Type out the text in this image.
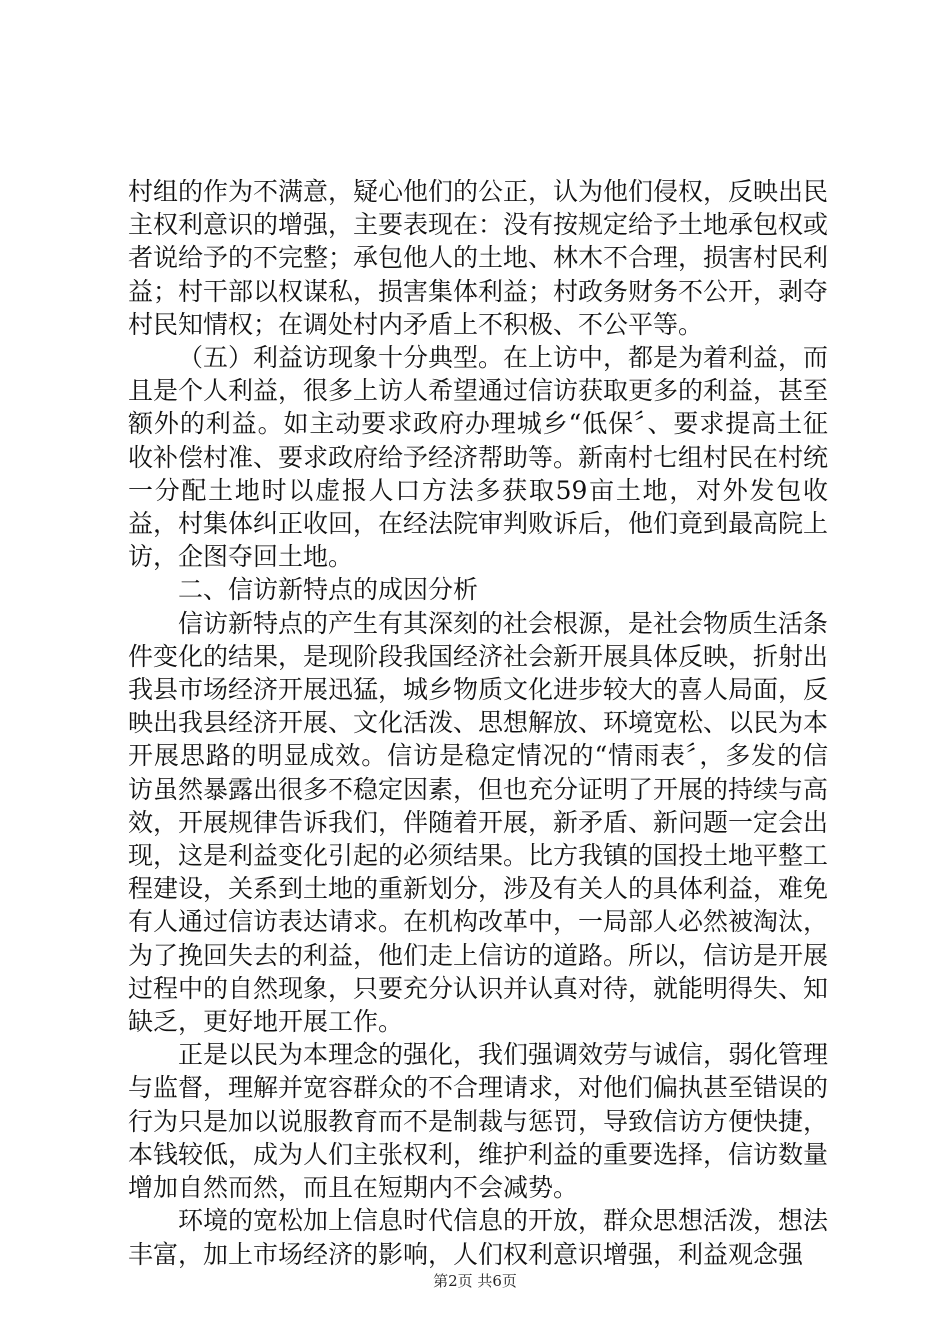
村组的作为不满意，疑心他们的公正，认为他们侵权，反映出民主权利意识的增强，主要表现在：没有按规定给予土地承包权或者说给予的不完整；承包他人的土地、林木不合理，损害村民利益；村干部以权谋私，损害集体利益；村政务财务不公开，剥夺村民知情权；在调处村内矛盾上不积极、不公平等。

（五）利益访现象十分典型。在上访中，都是为着利益，而且是个人利益，很多上访人希望通过信访获取更多的利益，甚至额外的利益。如主动要求政府办理城乡“低保〞、要求提高土征收补偿村准、要求政府给予经济帮助等。新南村七组村民在村统一分配土地时以虚报人口方法多获取59亩土地，对外发包收益，村集体纠正收回，在经法院审判败诉后，他们竟到最高院上访，企图夺回土地。

二、信访新特点的成因分析

信访新特点的产生有其深刻的社会根源，是社会物质生活条件变化的结果，是现阶段我国经济社会新开展具体反映，折射出我县市场经济开展迅猛，城乡物质文化进步较大的喜人局面，反映出我县经济开展、文化活泼、思想解放、环境宽松、以民为本开展思路的明显成效。信访是稳定情况的“情雨表〞，多发的信访虽然暴露出很多不稳定因素，但也充分证明了开展的持续与高效，开展规律告诉我们，伴随着开展，新矛盾、新问题一定会出现，这是利益变化引起的必须结果。比方我镇的国投土地平整工程建设，关系到土地的重新划分，涉及有关人的具体利益，难免有人通过信访表达请求。在机构改革中，一局部人必然被淘汰，为了挽回失去的利益，他们走上信访的道路。所以，信访是开展过程中的自然现象，只要充分认识并认真对待，就能明得失、知缺乏，更好地开展工作。

正是以民为本理念的强化，我们强调效劳与诚信，弱化管理与监督，理解并宽容群众的不合理请求，对他们偏执甚至错误的行为只是加以说服教育而不是制裁与惩罚，导致信访方便快捷，本钱较低，成为人们主张权利，维护利益的重要选择，信访数量增加自然而然，而且在短期内不会减势。

环境的宽松加上信息时代信息的开放，群众思想活泼，想法丰富，加上市场经济的影响，人们权利意识增强，利益观念强

第2页 共6页
